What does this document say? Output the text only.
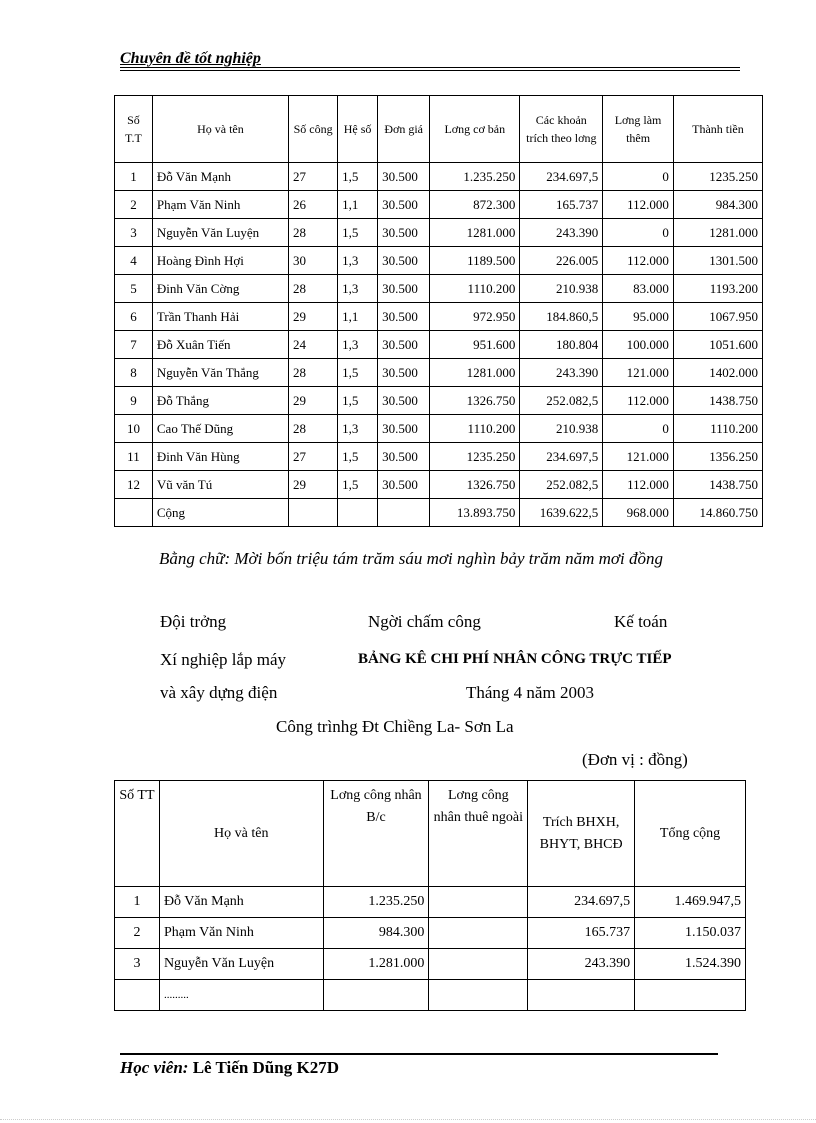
Chuyên đề tốt nghiệp
Số T.T	Họ và tên	Số công	Hệ số	Đơn giá	Lơng cơ bản	Các khoản trích theo lơng	Lơng làm thêm	Thành tiền
1	Đỗ Văn Mạnh	27	1,5	30.500	1.235.250	234.697,5	0	1235.250
2	Phạm Văn Ninh	26	1,1	30.500	872.300	165.737	112.000	984.300
3	Nguyễn Văn Luyện	28	1,5	30.500	1281.000	243.390	0	1281.000
4	Hoàng Đình Hợi	30	1,3	30.500	1189.500	226.005	112.000	1301.500
5	Đinh Văn Cờng	28	1,3	30.500	1110.200	210.938	83.000	1193.200
6	Trần Thanh Hải	29	1,1	30.500	972.950	184.860,5	95.000	1067.950
7	Đỗ Xuân Tiến	24	1,3	30.500	951.600	180.804	100.000	1051.600
8	Nguyễn Văn Thắng	28	1,5	30.500	1281.000	243.390	121.000	1402.000
9	Đỗ Thắng	29	1,5	30.500	1326.750	252.082,5	112.000	1438.750
10	Cao Thế Dũng	28	1,3	30.500	1110.200	210.938	0	1110.200
11	Đinh Văn Hùng	27	1,5	30.500	1235.250	234.697,5	121.000	1356.250
12	Vũ văn Tú	29	1,5	30.500	1326.750	252.082,5	112.000	1438.750
	Cộng				13.893.750	1639.622,5	968.000	14.860.750
Bằng chữ: Mời bốn triệu tám trăm sáu mơi nghìn bảy trăm năm mơi đồng
Đội trởng	Ngời chấm công	Kế toán
Xí nghiệp lắp máy	BẢNG KÊ CHI PHÍ NHÂN CÔNG TRỰC TIẾP
và xây dựng điện	Tháng 4 năm 2003
Công trìnhg Đt Chiềng La- Sơn La
(Đơn vị : đồng)
Số TT	Họ và tên	Lơng công nhân B/c	Lơng công nhân thuê ngoài	Trích BHXH, BHYT, BHCĐ	Tổng cộng
1	Đỗ Văn Mạnh	1.235.250		234.697,5	1.469.947,5
2	Phạm Văn Ninh	984.300		165.737	1.150.037
3	Nguyễn Văn Luyện	1.281.000		243.390	1.524.390
	.........				
Học viên: Lê Tiến Dũng K27D
